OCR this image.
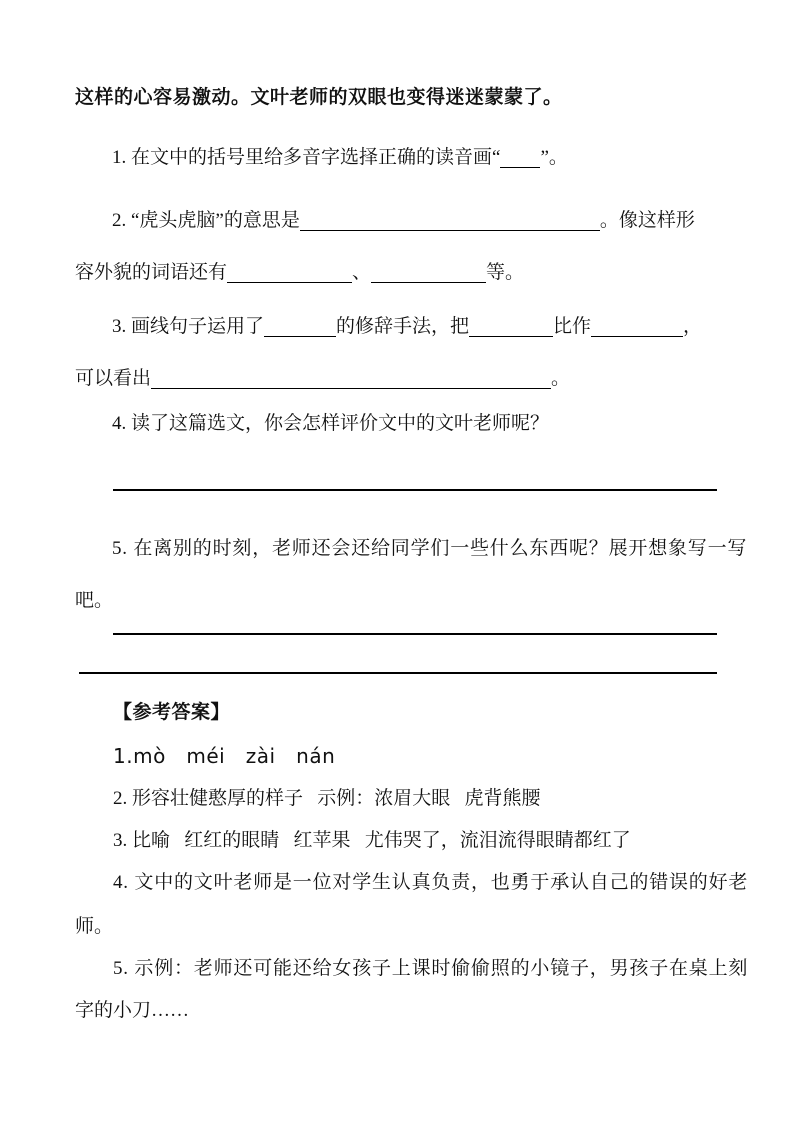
这样的心容易激动。文叶老师的双眼也变得迷迷蒙蒙了。
1. 在文中的括号里给多音字选择正确的读音画“ ”。
2. “虎头虎脑”的意思是	。像这样形
容外貌的词语还有	、	等。
3. 画线句子运用了	的修辞手法，把	比作	，
可以看出	。
4. 读了这篇选文，你会怎样评价文中的文叶老师呢？
5. 在离别的时刻，老师还会还给同学们一些什么东西呢？展开想象写一写
吧。
【参考答案】
1.mò   méi   zài   nán
2. 形容壮健憨厚的样子   示例：浓眉大眼   虎背熊腰
3. 比喻   红红的眼睛   红苹果   尤伟哭了，流泪流得眼睛都红了
4. 文中的文叶老师是一位对学生认真负责，也勇于承认自己的错误的好老
师。
5. 示例：老师还可能还给女孩子上课时偷偷照的小镜子，男孩子在桌上刻
字的小刀……
